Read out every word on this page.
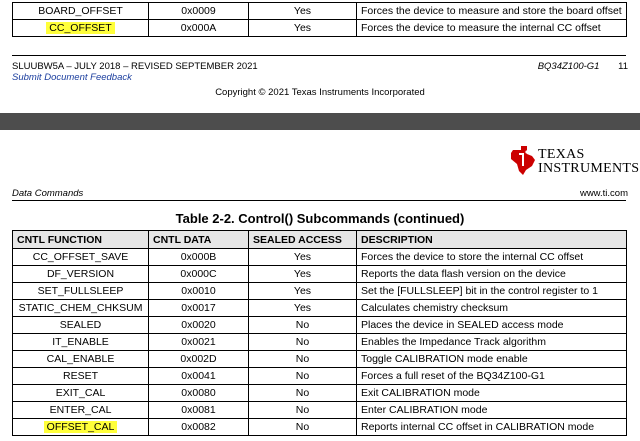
BOARD_OFFSET	0x0009	Yes	Forces the device to measure and store the board offset
CC_OFFSET	0x000A	Yes	Forces the device to measure the internal CC offset
SLUUBW5A – JULY 2018 – REVISED SEPTEMBER 2021
Submit Document Feedback
BQ34Z100-G1 11
Copyright © 2021 Texas Instruments Incorporated
TEXAS
INSTRUMENTS
Data Commands	www.ti.com
Table 2-2. Control() Subcommands (continued)
CNTL FUNCTION	CNTL DATA	SEALED ACCESS	DESCRIPTION
CC_OFFSET_SAVE	0x000B	Yes	Forces the device to store the internal CC offset
DF_VERSION	0x000C	Yes	Reports the data flash version on the device
SET_FULLSLEEP	0x0010	Yes	Set the [FULLSLEEP] bit in the control register to 1
STATIC_CHEM_CHKSUM	0x0017	Yes	Calculates chemistry checksum
SEALED	0x0020	No	Places the device in SEALED access mode
IT_ENABLE	0x0021	No	Enables the Impedance Track algorithm
CAL_ENABLE	0x002D	No	Toggle CALIBRATION mode enable
RESET	0x0041	No	Forces a full reset of the BQ34Z100-G1
EXIT_CAL	0x0080	No	Exit CALIBRATION mode
ENTER_CAL	0x0081	No	Enter CALIBRATION mode
OFFSET_CAL	0x0082	No	Reports internal CC offset in CALIBRATION mode
